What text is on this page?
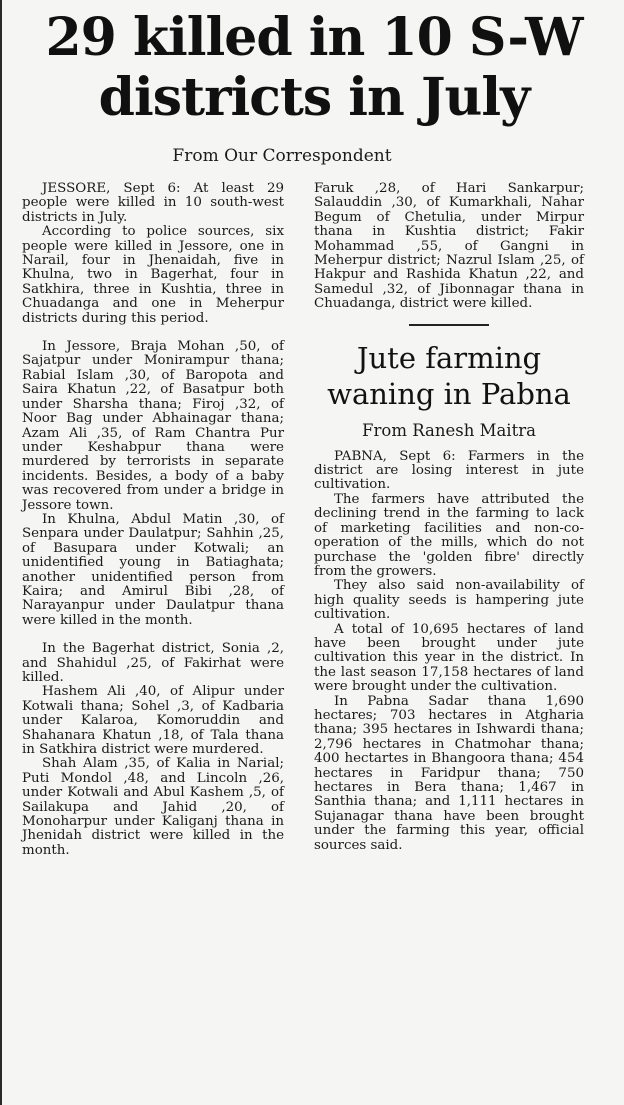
29 killed in 10 S-W districts in July
From Our Correspondent

JESSORE, Sept 6: At least 29 people were killed in 10 south-west districts in July.

According to police sources, six people were killed in Jessore, one in Narail, four in Jhenaidah, five in Khulna, two in Bagerhat, four in Satkhira, three in Kushtia, three in Chuadanga and one in Meherpur districts during this period.

In Jessore, Braja Mohan ,50, of Sajatpur under Monirampur thana; Rabial Islam ,30, of Baropota and Saira Khatun ,22, of Basatpur both under Sharsha thana; Firoj ,32, of Noor Bag under Abhainagar thana; Azam Ali ,35, of Ram Chantra Pur under Keshabpur thana were murdered by terrorists in separate incidents. Besides, a body of a baby was recovered from under a bridge in Jessore town.

In Khulna, Abdul Matin ,30, of Senpara under Daulatpur; Sahhin ,25, of Basupara under Kotwali; an unidentified young in Batiaghata; another unidentified person from Kaira; and Amirul Bibi ,28, of Narayanpur under Daulatpur thana were killed in the month.

In the Bagerhat district, Sonia ,2, and Shahidul ,25, of Fakirhat were killed.

Hashem Ali ,40, of Alipur under Kotwali thana; Sohel ,3, of Kadbaria under Kalaroa, Komoruddin and Shahanara Khatun ,18, of Tala thana in Satkhira district were murdered.

Shah Alam ,35, of Kalia in Narial; Puti Mondol ,48, and Lincoln ,26, under Kotwali and Abul Kashem ,5, of Sailakupa and Jahid ,20, of Monoharpur under Kaliganj thana in Jhenidah district were killed in the month.

Faruk ,28, of Hari Sankarpur; Salauddin ,30, of Kumarkhali, Nahar Begum of Chetulia, under Mirpur thana in Kushtia district; Fakir Mohammad ,55, of Gangni in Meherpur district; Nazrul Islam ,25, of Hakpur and Rashida Khatun ,22, and Samedul ,32, of Jibonnagar thana in Chuadanga, district were killed.

Jute farming waning in Pabna
From Ranesh Maitra

PABNA, Sept 6: Farmers in the district are losing interest in jute cultivation.

The farmers have attributed the declining trend in the farming to lack of marketing facilities and non-co-operation of the mills, which do not purchase the 'golden fibre' directly from the growers.

They also said non-availability of high quality seeds is hampering jute cultivation.

A total of 10,695 hectares of land have been brought under jute cultivation this year in the district. In the last season 17,158 hectares of land were brought under the cultivation.

In Pabna Sadar thana 1,690 hectares; 703 hectares in Atgharia thana; 395 hectares in Ishwardi thana; 2,796 hectares in Chatmohar thana; 400 hectartes in Bhangoora thana; 454 hectares in Faridpur thana; 750 hectares in Bera thana; 1,467 in Santhia thana; and 1,111 hectares in Sujanagar thana have been brought under the farming this year, official sources said.
